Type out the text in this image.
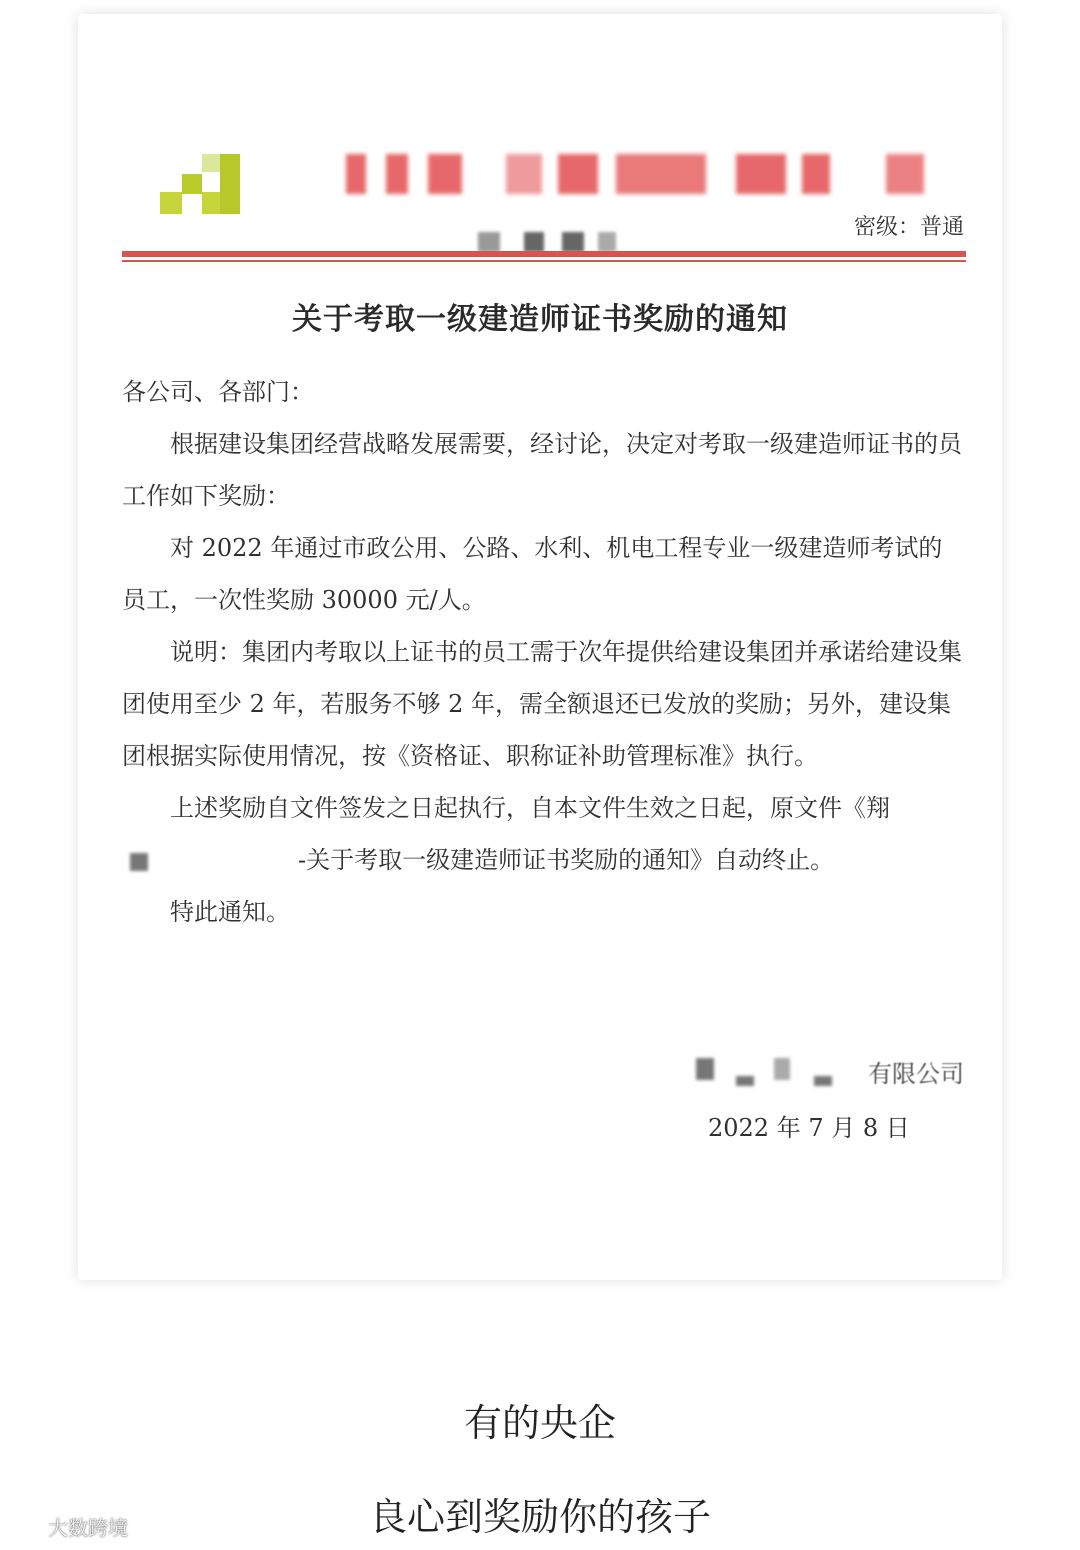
密级：普通
关于考取一级建造师证书奖励的通知

各公司、各部门：

根据建设集团经营战略发展需要，经讨论，决定对考取一级建造师证书的员工作如下奖励：

对 2022 年通过市政公用、公路、水利、机电工程专业一级建造师考试的员工，一次性奖励 30000 元/人。

说明：集团内考取以上证书的员工需于次年提供给建设集团并承诺给建设集团使用至少 2 年，若服务不够 2 年，需全额退还已发放的奖励；另外，建设集团根据实际使用情况，按《资格证、职称证补助管理标准》执行。

上述奖励自文件签发之日起执行，自本文件生效之日起，原文件《翔-关于考取一级建造师证书奖励的通知》自动终止。

特此通知。

有限公司
2022 年 7 月 8 日
有的央企
良心到奖励你的孩子
大数跨境
